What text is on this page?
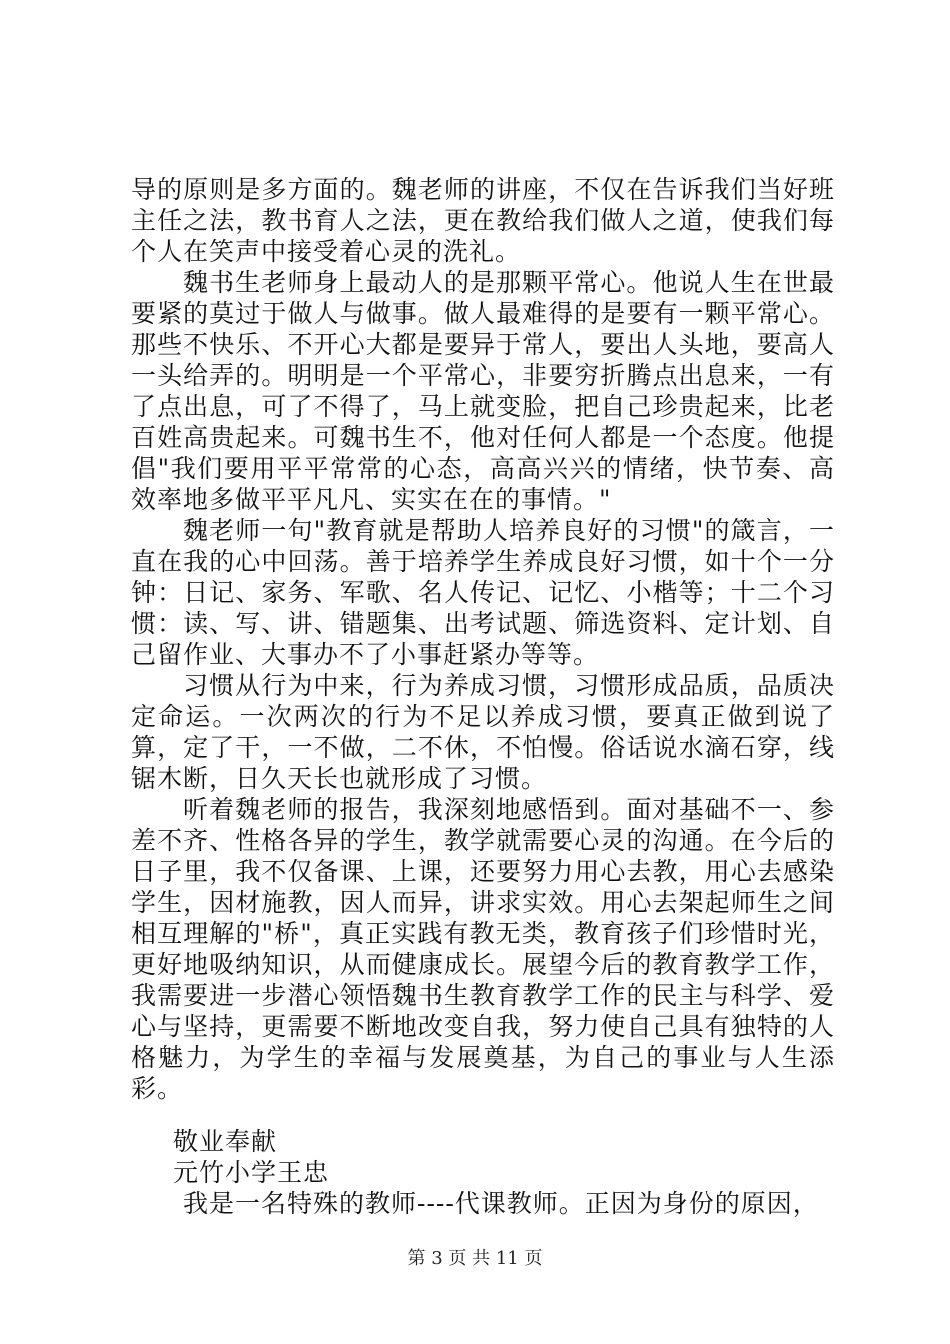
导的原则是多方面的。魏老师的讲座，不仅在告诉我们当好班主任之法，教书育人之法，更在教给我们做人之道，使我们每个人在笑声中接受着心灵的洗礼。

魏书生老师身上最动人的是那颗平常心。他说人生在世最要紧的莫过于做人与做事。做人最难得的是要有一颗平常心。那些不快乐、不开心大都是要异于常人，要出人头地，要高人一头给弄的。明明是一个平常心，非要穷折腾点出息来，一有了点出息，可了不得了，马上就变脸，把自己珍贵起来，比老百姓高贵起来。可魏书生不，他对任何人都是一个态度。他提倡"我们要用平平常常的心态，高高兴兴的情绪，快节奏、高效率地多做平平凡凡、实实在在的事情。"

魏老师一句"教育就是帮助人培养良好的习惯"的箴言，一直在我的心中回荡。善于培养学生养成良好习惯，如十个一分钟：日记、家务、军歌、名人传记、记忆、小楷等；十二个习惯：读、写、讲、错题集、出考试题、筛选资料、定计划、自己留作业、大事办不了小事赶紧办等等。

习惯从行为中来，行为养成习惯，习惯形成品质，品质决定命运。一次两次的行为不足以养成习惯，要真正做到说了算，定了干，一不做，二不休，不怕慢。俗话说水滴石穿，线锯木断，日久天长也就形成了习惯。

听着魏老师的报告，我深刻地感悟到。面对基础不一、参差不齐、性格各异的学生，教学就需要心灵的沟通。在今后的日子里，我不仅备课、上课，还要努力用心去教，用心去感染学生，因材施教，因人而异，讲求实效。用心去架起师生之间相互理解的"桥"，真正实践有教无类，教育孩子们珍惜时光，更好地吸纳知识，从而健康成长。展望今后的教育教学工作，我需要进一步潜心领悟魏书生教育教学工作的民主与科学、爱心与坚持，更需要不断地改变自我，努力使自己具有独特的人格魅力，为学生的幸福与发展奠基，为自己的事业与人生添彩。

敬业奉献

元竹小学王忠

我是一名特殊的教师----代课教师。正因为身份的原因，

第 3 页 共 11 页
